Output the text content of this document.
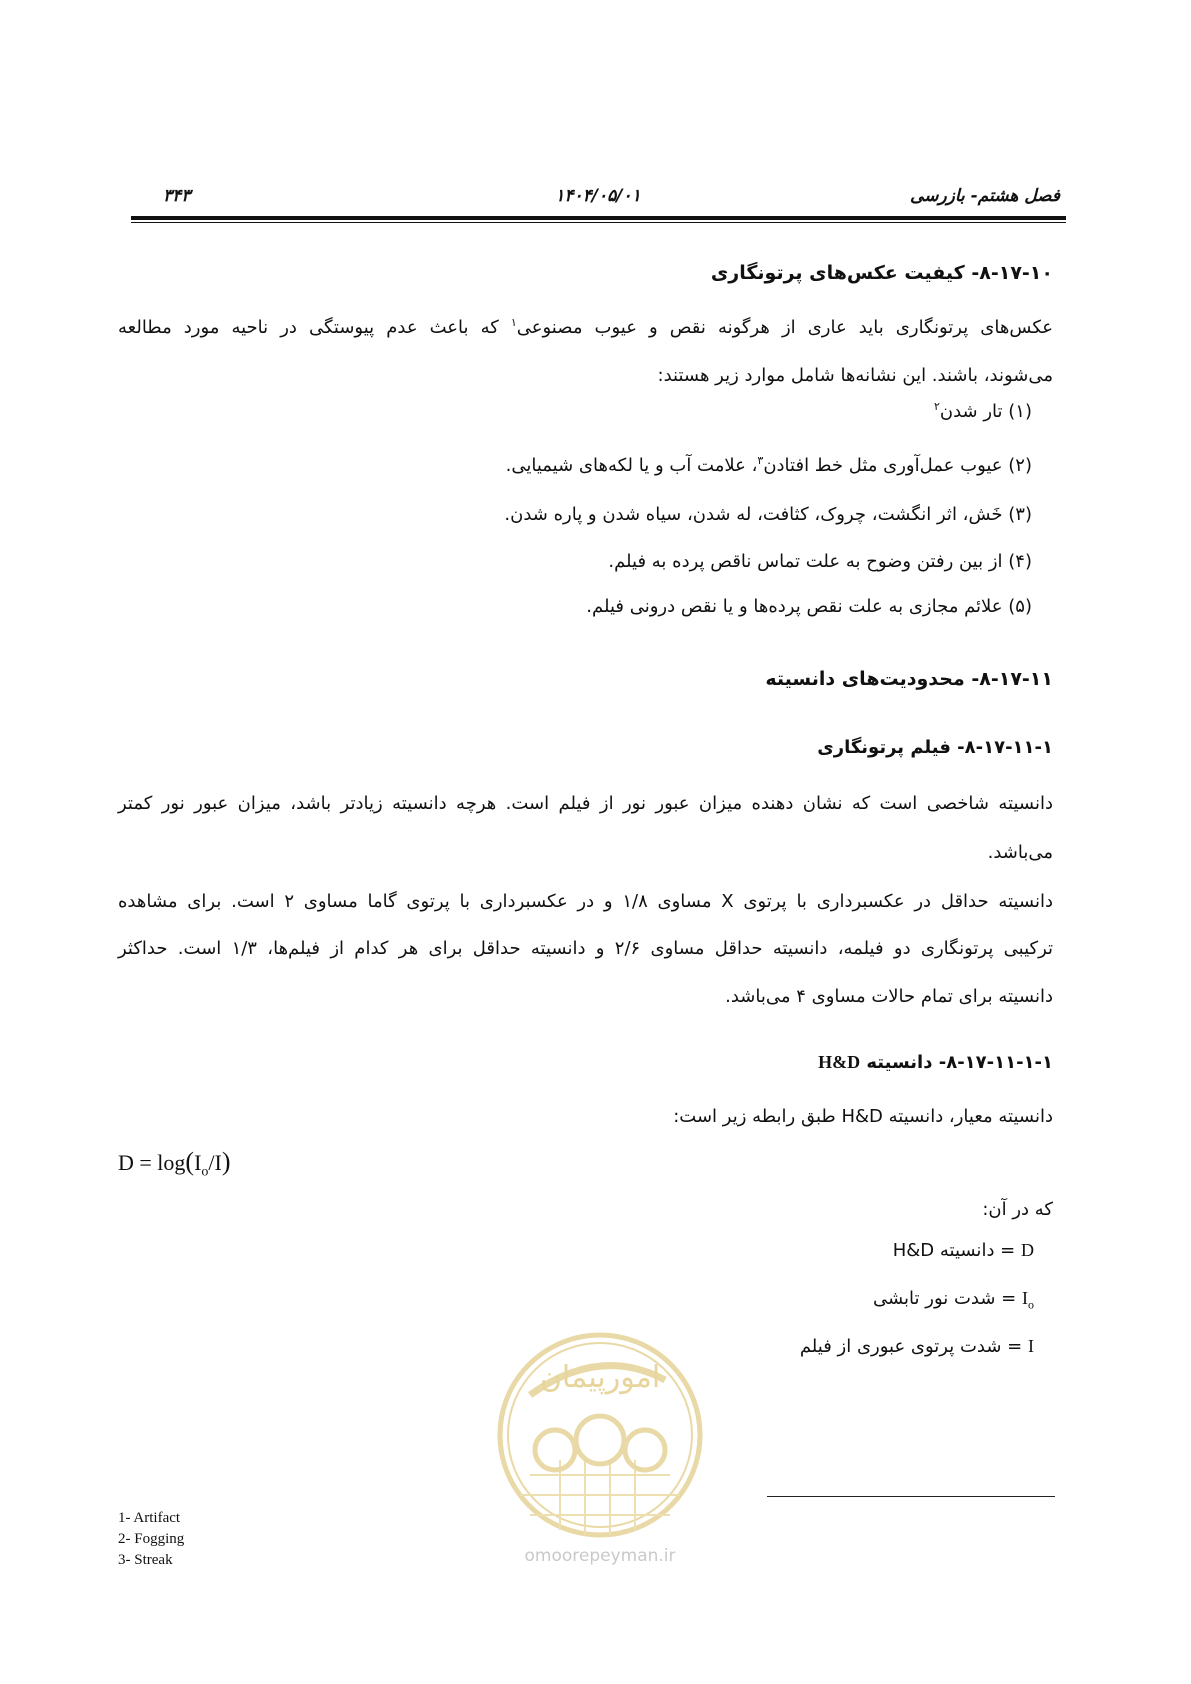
فصل هشتم- بازرسی
۱۴۰۴/۰۵/۰۱
۳۴۳
۸-۱۷-۱۰- کیفیت عکس‌های پرتونگاری
عکس‌های پرتونگاری باید عاری از هرگونه نقص و عیوب مصنوعی$^۱$ که باعث عدم پیوستگی در ناحیه مورد مطالعه
می‌شوند، باشند. این نشانه‌ها شامل موارد زیر هستند:
(۱) تار شدن$^۲$
(۲) عیوب عمل‌آوری مثل خط افتادن$^۳$، علامت آب و یا لکه‌های شیمیایی.
(۳) خَش، اثر انگشت، چروک، کثافت، له شدن، سیاه شدن و پاره شدن.
(۴) از بین رفتن وضوح به علت تماس ناقص پرده به فیلم.
(۵) علائم مجازی به علت نقص پرده‌ها و یا نقص درونی فیلم.
۸-۱۷-۱۱- محدودیت‌های دانسیته
۸-۱۷-۱۱-۱- فیلم پرتونگاری
دانسیته شاخصی است که نشان دهنده میزان عبور نور از فیلم است. هرچه دانسیته زیادتر باشد، میزان عبور نور کمتر
می‌باشد.
دانسیته حداقل در عکسبرداری با پرتوی X مساوی ۱/۸ و در عکسبرداری با پرتوی گاما مساوی ۲ است. برای مشاهده
ترکیبی پرتونگاری دو فیلمه، دانسیته حداقل مساوی ۲/۶ و دانسیته حداقل برای هر کدام از فیلم‌ها، ۱/۳ است. حداکثر
دانسیته برای تمام حالات مساوی ۴ می‌باشد.
۸-۱۷-۱۱-۱-۱- دانسیته H&D
دانسیته معیار، دانسیته H&D طبق رابطه زیر است:
$D = \log(I_o/I)$
که در آن:
D = دانسیته H&D
$I_o$ = شدت نور تابشی
I = شدت پرتوی عبوری از فیلم
امورپیمان
omoorepeyman.ir
1- Artifact
2- Fogging
3- Streak
